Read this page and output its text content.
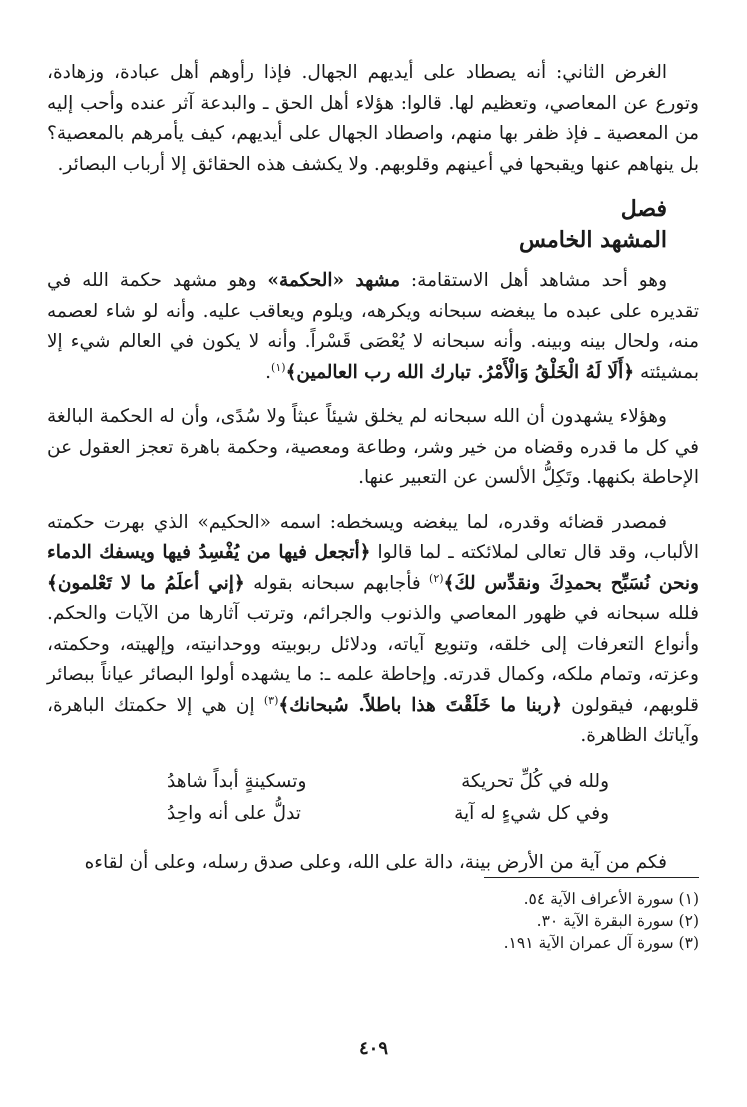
الغرض الثاني: أنه يصطاد على أيديهم الجهال. فإذا رأوهم أهل عبادة، وزهادة، وتورع عن المعاصي، وتعظيم لها. قالوا: هؤلاء أهل الحق ـ والبدعة آثر عنده وأحب إليه من المعصية ـ فإذ ظفر بها منهم، واصطاد الجهال على أيديهم، كيف يأمرهم بالمعصية؟ بل ينهاهم عنها ويقبحها في أعينهم وقلوبهم. ولا يكشف هذه الحقائق إلا أرباب البصائر.

فصل

المشهد الخامس

وهو أحد مشاهد أهل الاستقامة: مشهد «الحكمة» وهو مشهد حكمة الله في تقديره على عبده ما يبغضه سبحانه ويكرهه، ويلوم ويعاقب عليه. وأنه لو شاء لعصمه منه، ولحال بينه وبينه. وأنه سبحانه لا يُعْصَى قَسْراً. وأنه لا يكون في العالم شيء إلا بمشيئته ﴿أَلَا لَهُ الْخَلْقُ وَالْأَمْرُ. تبارك الله رب العالمين﴾$^{(١)}$.

وهؤلاء يشهدون أن الله سبحانه لم يخلق شيئاً عبثاً ولا سُدًى، وأن له الحكمة البالغة في كل ما قدره وقضاه من خير وشر، وطاعة ومعصية، وحكمة باهرة تعجز العقول عن الإحاطة بكنهها. وتَكِلُّ الألسن عن التعبير عنها.

فمصدر قضائه وقدره، لما يبغضه ويسخطه: اسمه «الحكيم» الذي بهرت حكمته الألباب، وقد قال تعالى لملائكته ـ لما قالوا ﴿أتجعل فيها من يُفْسِدُ فيها ويسفك الدماء ونحن نُسَبِّح بحمدِكَ ونقدِّس لكَ﴾$^{(٢)}$ فأجابهم سبحانه بقوله ﴿إني أعلَمُ ما لا تَعْلمون﴾ فلله سبحانه في ظهور المعاصي والذنوب والجرائم، وترتب آثارها من الآيات والحكم. وأنواع التعرفات إلى خلقه، وتنويع آياته، ودلائل ربوبيته ووحدانيته، وإلهيته، وحكمته، وعزته، وتمام ملكه، وكمال قدرته. وإحاطة علمه ـ: ما يشهده أولوا البصائر عياناً ببصائر قلوبهم، فيقولون ﴿ربنا ما خَلَقْتَ هذا باطلاً. سُبحانك﴾$^{(٣)}$ إن هي إلا حكمتك الباهرة، وآياتك الظاهرة.

ولله في كُلِّ تحريكة
وتسكينةٍ أبداً شاهدُ
وفي كل شيءٍ له آية
تدلُّ على أنه واحِدُ

فكم من آية من الأرض بينة، دالة على الله، وعلى صدق رسله، وعلى أن لقاءه

(١) سورة الأعراف الآية ٥٤.

(٢) سورة البقرة الآية ٣٠.

(٣) سورة آل عمران الآية ١٩١.

٤٠٩
